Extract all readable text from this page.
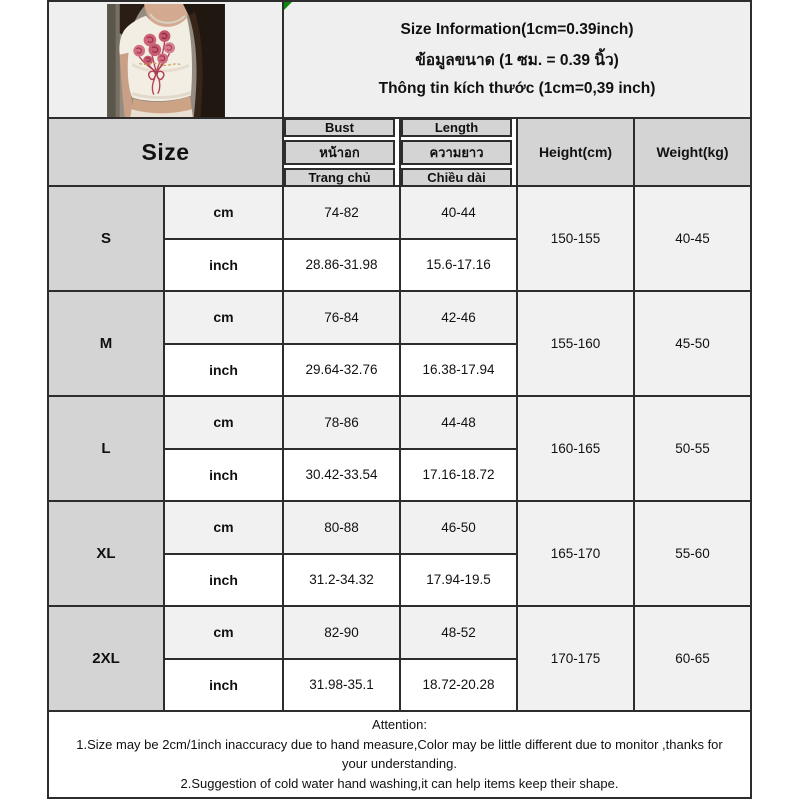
Size Information(1cm=0.39inch)
ข้อมูลขนาด (1 ซม. = 0.39 นิ้ว)
Thông tin kích thước (1cm=0,39 inch)
Size
Bust
หน้าอก
Trang chủ
Length
ความยาว
Chiều dài
Height(cm)	Weight(kg)
S
cm	74-82	40-44
150-155	40-45
inch	28.86-31.98	15.6-17.16
M
cm	76-84	42-46
155-160	45-50
inch	29.64-32.76	16.38-17.94
L
cm	78-86	44-48
160-165	50-55
inch	30.42-33.54	17.16-18.72
XL
cm	80-88	46-50
165-170	55-60
inch	31.2-34.32	17.94-19.5
2XL
cm	82-90	48-52
170-175	60-65
inch	31.98-35.1	18.72-20.28
Attention:
1.Size may be 2cm/1inch inaccuracy due to hand measure,Color may be little different due to monitor ,thanks for your understanding.
2.Suggestion of cold water hand washing,it can help items keep their shape.
